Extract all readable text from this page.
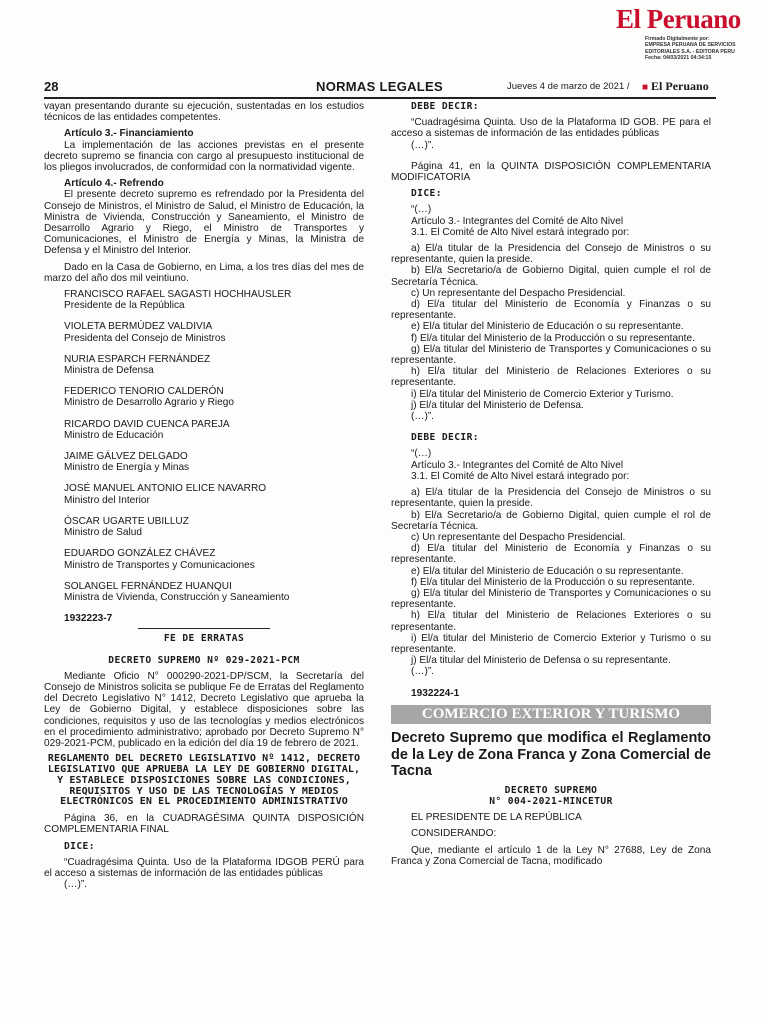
El Peruano
Firmado Digitalmente por:
EMPRESA PERUANA DE SERVICIOS
EDITORIALES S.A. - EDITORA PERU
Fecha: 04/03/2021 04:34:15
28	NORMAS LEGALES	Jueves 4 de marzo de 2021 / ■ El Peruano

vayan presentando durante su ejecución, sustentadas en los estudios técnicos de las entidades competentes.

Artículo 3.- Financiamiento

La implementación de las acciones previstas en el presente decreto supremo se financia con cargo al presupuesto institucional de los pliegos involucrados, de conformidad con la normatividad vigente.

Artículo 4.- Refrendo

El presente decreto supremo es refrendado por la Presidenta del Consejo de Ministros, el Ministro de Salud, el Ministro de Educación, la Ministra de Vivienda, Construcción y Saneamiento, el Ministro de Desarrollo Agrario y Riego, el Ministro de Transportes y Comunicaciones, el Ministro de Energía y Minas, la Ministra de Defensa y el Ministro del Interior.

Dado en la Casa de Gobierno, en Lima, a los tres días del mes de marzo del año dos mil veintiuno.

FRANCISCO RAFAEL SAGASTI HOCHHAUSLER

Presidente de la República

VIOLETA BERMÚDEZ VALDIVIA

Presidenta del Consejo de Ministros

NURIA ESPARCH FERNÁNDEZ

Ministra de Defensa

FEDERICO TENORIO CALDERÓN

Ministro de Desarrollo Agrario y Riego

RICARDO DAVID CUENCA PAREJA

Ministro de Educación

JAIME GÁLVEZ DELGADO

Ministro de Energía y Minas

JOSÉ MANUEL ANTONIO ELICE NAVARRO

Ministro del Interior

ÓSCAR UGARTE UBILLUZ

Ministro de Salud

EDUARDO GONZÁLEZ CHÁVEZ

Ministro de Transportes y Comunicaciones

SOLANGEL FERNÁNDEZ HUANQUI

Ministra de Vivienda, Construcción y Saneamiento

1932223-7

FE DE ERRATAS

DECRETO SUPREMO Nº 029-2021-PCM

Mediante Oficio N° 000290-2021-DP/SCM, la Secretaría del Consejo de Ministros solicita se publique Fe de Erratas del Reglamento del Decreto Legislativo N° 1412, Decreto Legislativo que aprueba la Ley de Gobierno Digital, y establece disposiciones sobre las condiciones, requisitos y uso de las tecnologías y medios electrónicos en el procedimiento administrativo; aprobado por Decreto Supremo N° 029-2021-PCM, publicado en la edición del día 19 de febrero de 2021.

REGLAMENTO DEL DECRETO LEGISLATIVO Nº 1412, DECRETO LEGISLATIVO QUE APRUEBA LA LEY DE GOBIERNO DIGITAL, Y ESTABLECE DISPOSICIONES SOBRE LAS CONDICIONES, REQUISITOS Y USO DE LAS TECNOLOGÍAS Y MEDIOS ELECTRÓNICOS EN EL PROCEDIMIENTO ADMINISTRATIVO

Página 36, en la CUADRAGÉSIMA QUINTA DISPOSICIÓN COMPLEMENTARIA FINAL

DICE:

“Cuadragésima Quinta. Uso de la Plataforma IDGOB PERÚ para el acceso a sistemas de información de las entidades públicas

(…)”.

DEBE DECIR:

“Cuadragésima Quinta. Uso de la Plataforma ID GOB. PE para el acceso a sistemas de información de las entidades públicas

(…)”.

Página 41, en la QUINTA DISPOSICIÓN COMPLEMENTARIA MODIFICATORIA

DICE:

“(…)

Artículo 3.- Integrantes del Comité de Alto Nivel

3.1. El Comité de Alto Nivel estará integrado por:

a) El/a titular de la Presidencia del Consejo de Ministros o su representante, quien la preside.

b) El/a Secretario/a de Gobierno Digital, quien cumple el rol de Secretaría Técnica.

c) Un representante del Despacho Presidencial.

d) El/a titular del Ministerio de Economía y Finanzas o su representante.

e) El/a titular del Ministerio de Educación o su representante.

f) El/a titular del Ministerio de la Producción o su representante.

g) El/a titular del Ministerio de Transportes y Comunicaciones o su representante.

h) El/a titular del Ministerio de Relaciones Exteriores o su representante.

i) El/a titular del Ministerio de Comercio Exterior y Turismo.

j) El/a titular del Ministerio de Defensa.

(…)”.

DEBE DECIR:

“(…)

Artículo 3.- Integrantes del Comité de Alto Nivel

3.1. El Comité de Alto Nivel estará integrado por:

a) El/a titular de la Presidencia del Consejo de Ministros o su representante, quien la preside.

b) El/a Secretario/a de Gobierno Digital, quien cumple el rol de Secretaría Técnica.

c) Un representante del Despacho Presidencial.

d) El/a titular del Ministerio de Economía y Finanzas o su representante.

e) El/a titular del Ministerio de Educación o su representante.

f) El/a titular del Ministerio de la Producción o su representante.

g) El/a titular del Ministerio de Transportes y Comunicaciones o su representante.

h) El/a titular del Ministerio de Relaciones Exteriores o su representante.

i) El/a titular del Ministerio de Comercio Exterior y Turismo o su representante.

j) El/a titular del Ministerio de Defensa o su representante.

(…)”.

1932224-1

COMERCIO EXTERIOR Y TURISMO

Decreto Supremo que modifica el Reglamento de la Ley de Zona Franca y Zona Comercial de Tacna

DECRETO SUPREMO

N° 004-2021-MINCETUR

EL PRESIDENTE DE LA REPÚBLICA

CONSIDERANDO:

Que, mediante el artículo 1 de la Ley N° 27688, Ley de Zona Franca y Zona Comercial de Tacna, modificado
